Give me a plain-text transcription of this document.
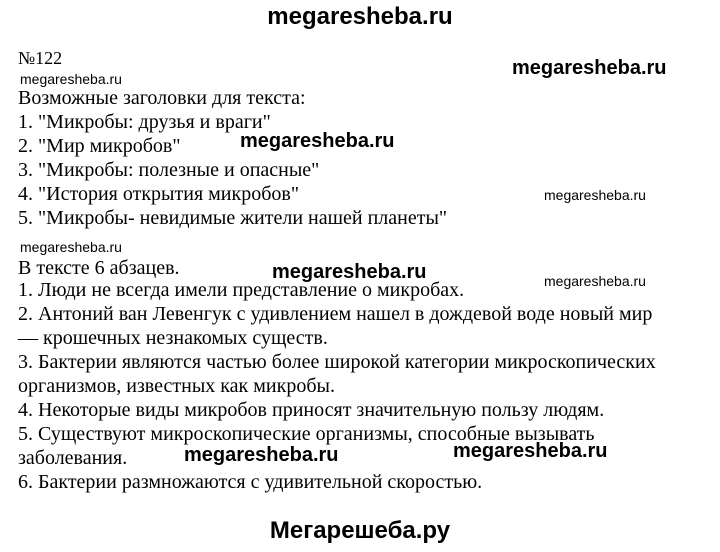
megaresheba.ru
№122
megaresheba.ru	megaresheba.ru
Возможные заголовки для текста:
1. "Микробы: друзья и враги"
2. "Мир микробов"	megaresheba.ru
3. "Микробы: полезные и опасные"
4. "История открытия микробов"	megaresheba.ru
5. "Микробы- невидимые жители нашей планеты"
megaresheba.ru
В тексте 6 абзацев.	megaresheba.ru	megaresheba.ru
1. Люди не всегда имели представление о микробах.
2. Антоний ван Левенгук с удивлением нашел в дождевой воде новый мир
— крошечных незнакомых существ.
3. Бактерии являются частью более широкой категории микроскопических
организмов, известных как микробы.
4. Некоторые виды микробов приносят значительную пользу людям.
5. Существуют микроскопические организмы, способные вызывать
заболевания.	megaresheba.ru	megaresheba.ru
6. Бактерии размножаются с удивительной скоростью.
Мегарешеба.ру
